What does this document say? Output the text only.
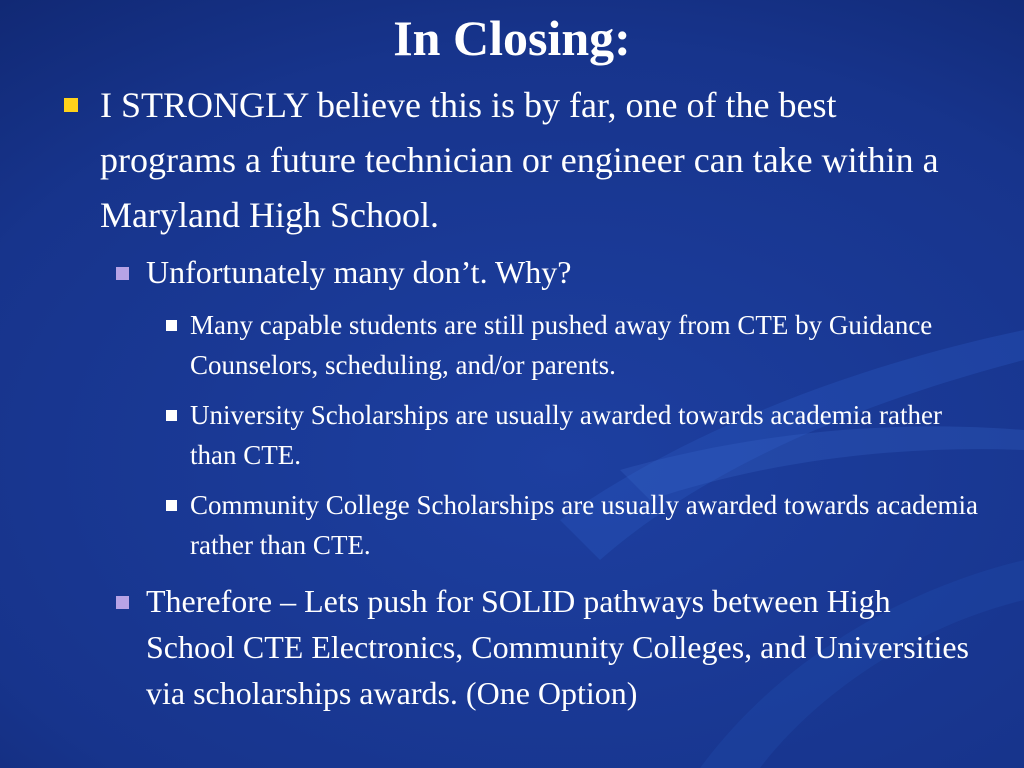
In Closing:
I STRONGLY believe this is by far, one of the best programs a future technician or engineer can take within a Maryland High School.
Unfortunately many don’t. Why?
Many capable students are still pushed away from CTE by Guidance Counselors, scheduling, and/or parents.
University Scholarships are usually awarded towards academia rather than CTE.
Community College Scholarships are usually awarded towards academia rather than CTE.
Therefore – Lets push for SOLID pathways between High School CTE Electronics, Community Colleges, and Universities via scholarships awards. (One Option)
